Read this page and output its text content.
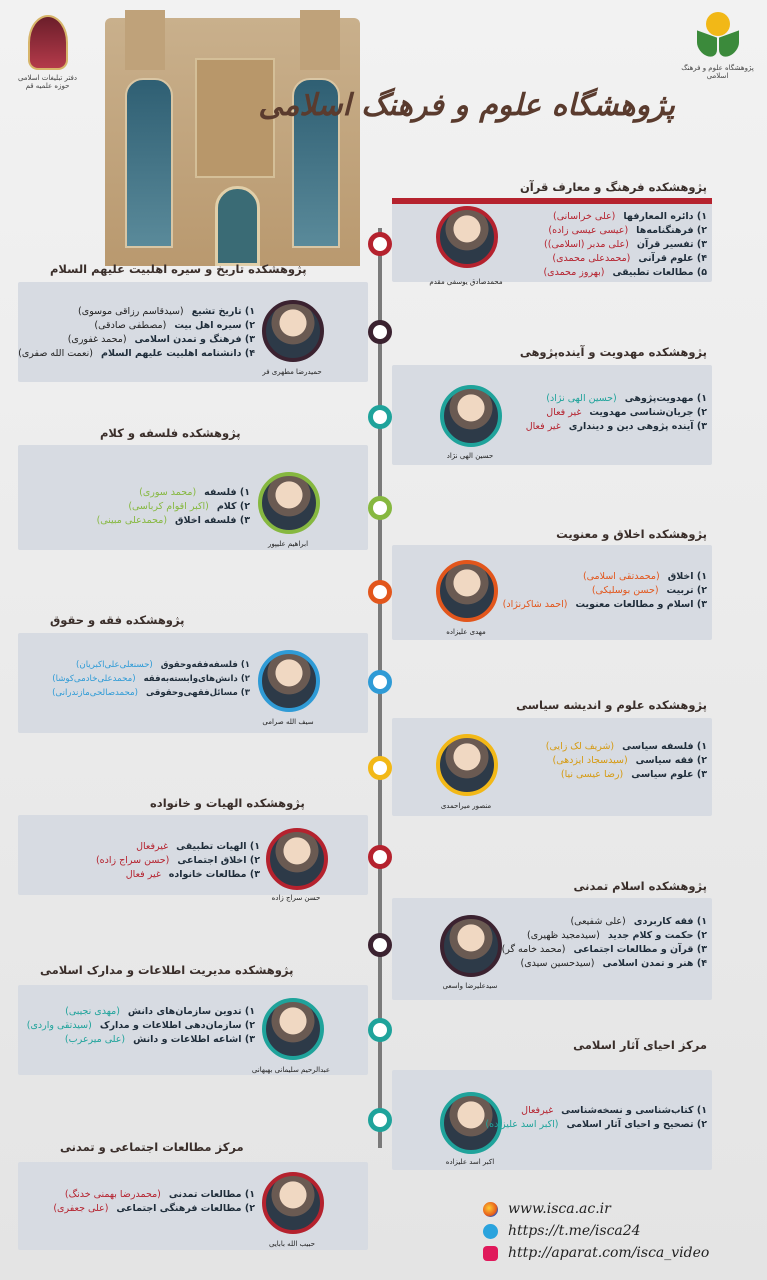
دفتر تبلیغات اسلامی حوزه علمیه قم
پژوهشگاه علوم و فرهنگ اسلامی
پژوهشگاه علوم و فرهنگ اسلامی
پژوهشکده فرهنگ و معارف قرآن
محمدصادق یوسفی مقدم
۱) دائره المعارفها
(علی خراسانی)
۲) فرهنگنامه‌ها
(عیسی عیسی زاده)
۳) تفسیر قرآن
(علی مدبر (اسلامی))
۴) علوم قرآنی
(محمدعلی محمدی)
۵) مطالعات تطبیقی
(بهروز محمدی)
پژوهشکده تاریخ و سیره اهلبیت علیهم السلام
حمیدرضا مطهری فر
۱) تاریخ تشیع
(سیدقاسم رزاقی موسوی)
۲) سیره اهل بیت
(مصطفی صادقی)
۳) فرهنگ و تمدن اسلامی
(محمد غفوری)
۴) دانشنامه اهلبیت علیهم السلام
(نعمت الله صفری)	پژوهشکده مهدویت و آینده‌پژوهی
حسین الهی نژاد
۱) مهدویت‌پژوهی
(حسین الهی نژاد)
۲) جریان‌شناسی مهدویت
غیر فعال
۳) آینده پژوهی دین و دینداری
غیر فعال
پژوهشکده فلسفه و کلام
ابراهیم علیپور
۱) فلسفه
(محمد سوری)
۲) کلام
(اکبر اقوام کرباسی)
۳) فلسفه اخلاق
(محمدعلی مبینی)
پژوهشکده اخلاق و معنویت
مهدی علیزاده
۱) اخلاق
(محمدتقی اسلامی)
۲) تربیت
(حسن بوسلیکی)
۳) اسلام و مطالعات معنویت
(احمد شاکرنژاد)
پژوهشکده فقه و حقوق
سیف الله صرامی
۱) فلسفه‌فقه‌وحقوق
(حسنعلی‌علی‌اکبریان)
۲) دانش‌های‌وابسته‌به‌فقه
(محمدعلی‌خادمی‌کوشا)
۳) مسائل‌فقهی‌وحقوقی
(محمدصالحی‌مازندرانی)
پژوهشکده علوم و اندیشه سیاسی
منصور میراحمدی
۱) فلسفه سیاسی
(شریف لک زایی)
۲) فقه سیاسی
(سیدسجاد ایزدهی)
۳) علوم سیاسی
(رضا عیسی نیا)
پژوهشکده الهیات و خانواده
حسن سراج زاده
۱) الهیات تطبیقی
غیرفعال
۲) اخلاق اجتماعی
(حسن سراج زاده)
۳) مطالعات خانواده
غیر فعال
پژوهشکده اسلام تمدنی
سیدعلیرضا واسعی
۱) فقه کاربردی
(علی شفیعی)
۲) حکمت و کلام جدید
(سیدمجید ظهیری)
۳) قرآن و مطالعات اجتماعی
(محمد خامه گر)
۴) هنر و تمدن اسلامی
(سیدحسین سیدی)
پژوهشکده مدیریت اطلاعات و مدارک اسلامی
عبدالرحیم سلیمانی بهبهانی
۱) تدوین سازمان‌های دانش
(مهدی نجیبی)
۲) سازمان‌دهی اطلاعات و مدارک
(سیدتقی واردی)
۳) اشاعه اطلاعات و دانش
(علی میرعرب)	مرکز احیای آثار اسلامی
اکبر اسد علیزاده
۱) کتاب‌شناسی و نسخه‌شناسی
غیرفعال
۲) تصحیح و احیای آثار اسلامی
(اکبر اسد علیزاده)
مرکز مطالعات اجتماعی و تمدنی
حبیب الله بابایی
۱) مطالعات تمدنی
(محمدرضا بهمنی خدنگ)
۲) مطالعات فرهنگی اجتماعی
(علی جعفری)	www.isca.ac.ir
https://t.me/isca24
http://aparat.com/isca_video
